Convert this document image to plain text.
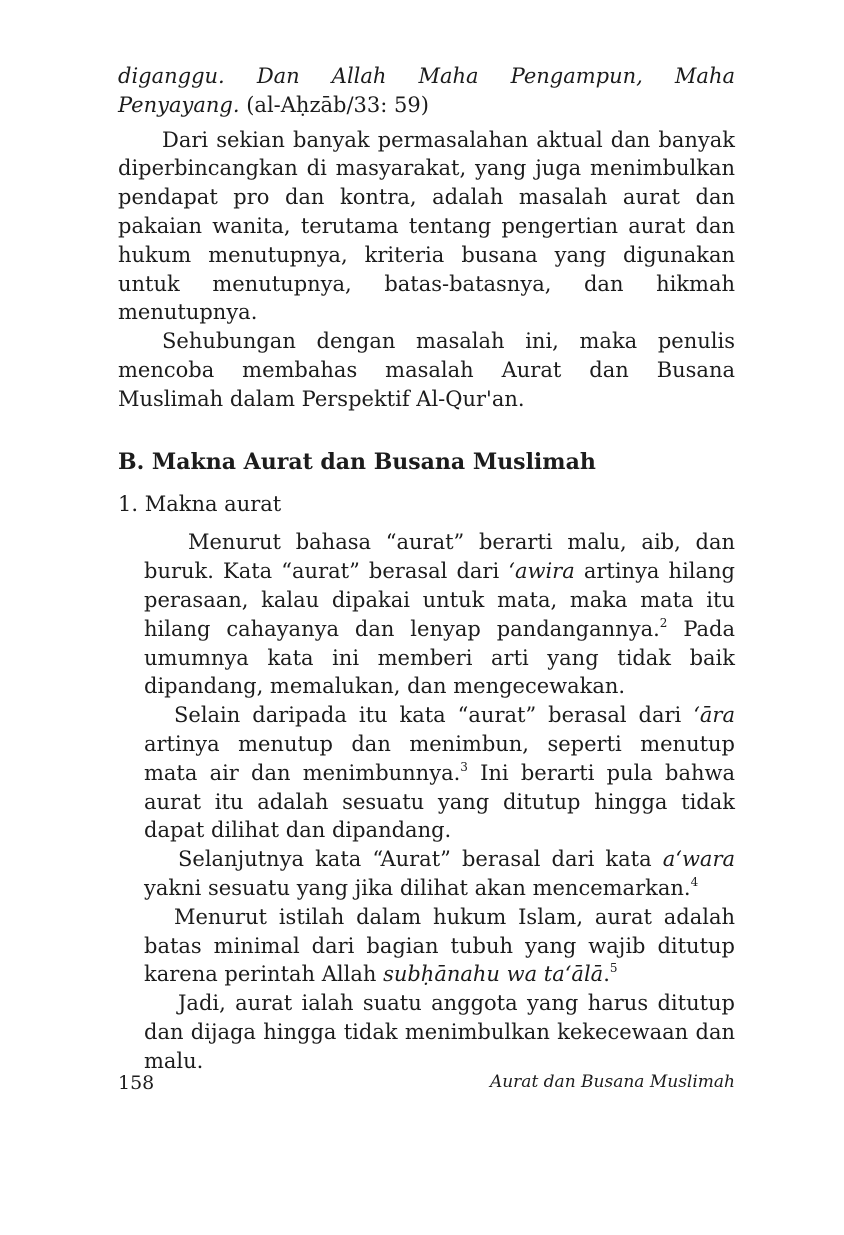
diganggu. Dan Allah Maha Pengampun, Maha Penyayang. (al-Aḥzāb/33: 59)

Dari sekian banyak permasalahan aktual dan banyak diperbincangkan di masyarakat, yang juga menimbulkan pendapat pro dan kontra, adalah masalah aurat dan pakaian wanita, terutama tentang pengertian aurat dan hukum menutupnya, kriteria busana yang digunakan untuk menutupnya, batas-batasnya, dan hikmah menutupnya.

Sehubungan dengan masalah ini, maka penulis mencoba membahas masalah Aurat dan Busana Muslimah dalam Perspektif Al-Qur'an.

B. Makna Aurat dan Busana Muslimah

1. Makna aurat

Menurut bahasa “aurat” berarti malu, aib, dan buruk. Kata “aurat” berasal dari ‘awira artinya hilang perasaan, kalau dipakai untuk mata, maka mata itu hilang cahayanya dan lenyap pandangannya.$^2$ Pada umumnya kata ini memberi arti yang tidak baik dipandang, memalukan, dan mengecewakan.

Selain daripada itu kata “aurat” berasal dari ‘āra artinya menutup dan menimbun, seperti menutup mata air dan menimbunnya.$^3$ Ini berarti pula bahwa aurat itu adalah sesuatu yang ditutup hingga tidak dapat dilihat dan dipandang.

Selanjutnya kata “Aurat” berasal dari kata a‘wara yakni sesuatu yang jika dilihat akan mencemarkan.$^4$

Menurut istilah dalam hukum Islam, aurat adalah batas minimal dari bagian tubuh yang wajib ditutup karena perintah Allah subḥānahu wa ta‘ālā.$^5$

Jadi, aurat ialah suatu anggota yang harus ditutup dan dijaga hingga tidak menimbulkan kekecewaan dan malu.

158	Aurat dan Busana Muslimah
